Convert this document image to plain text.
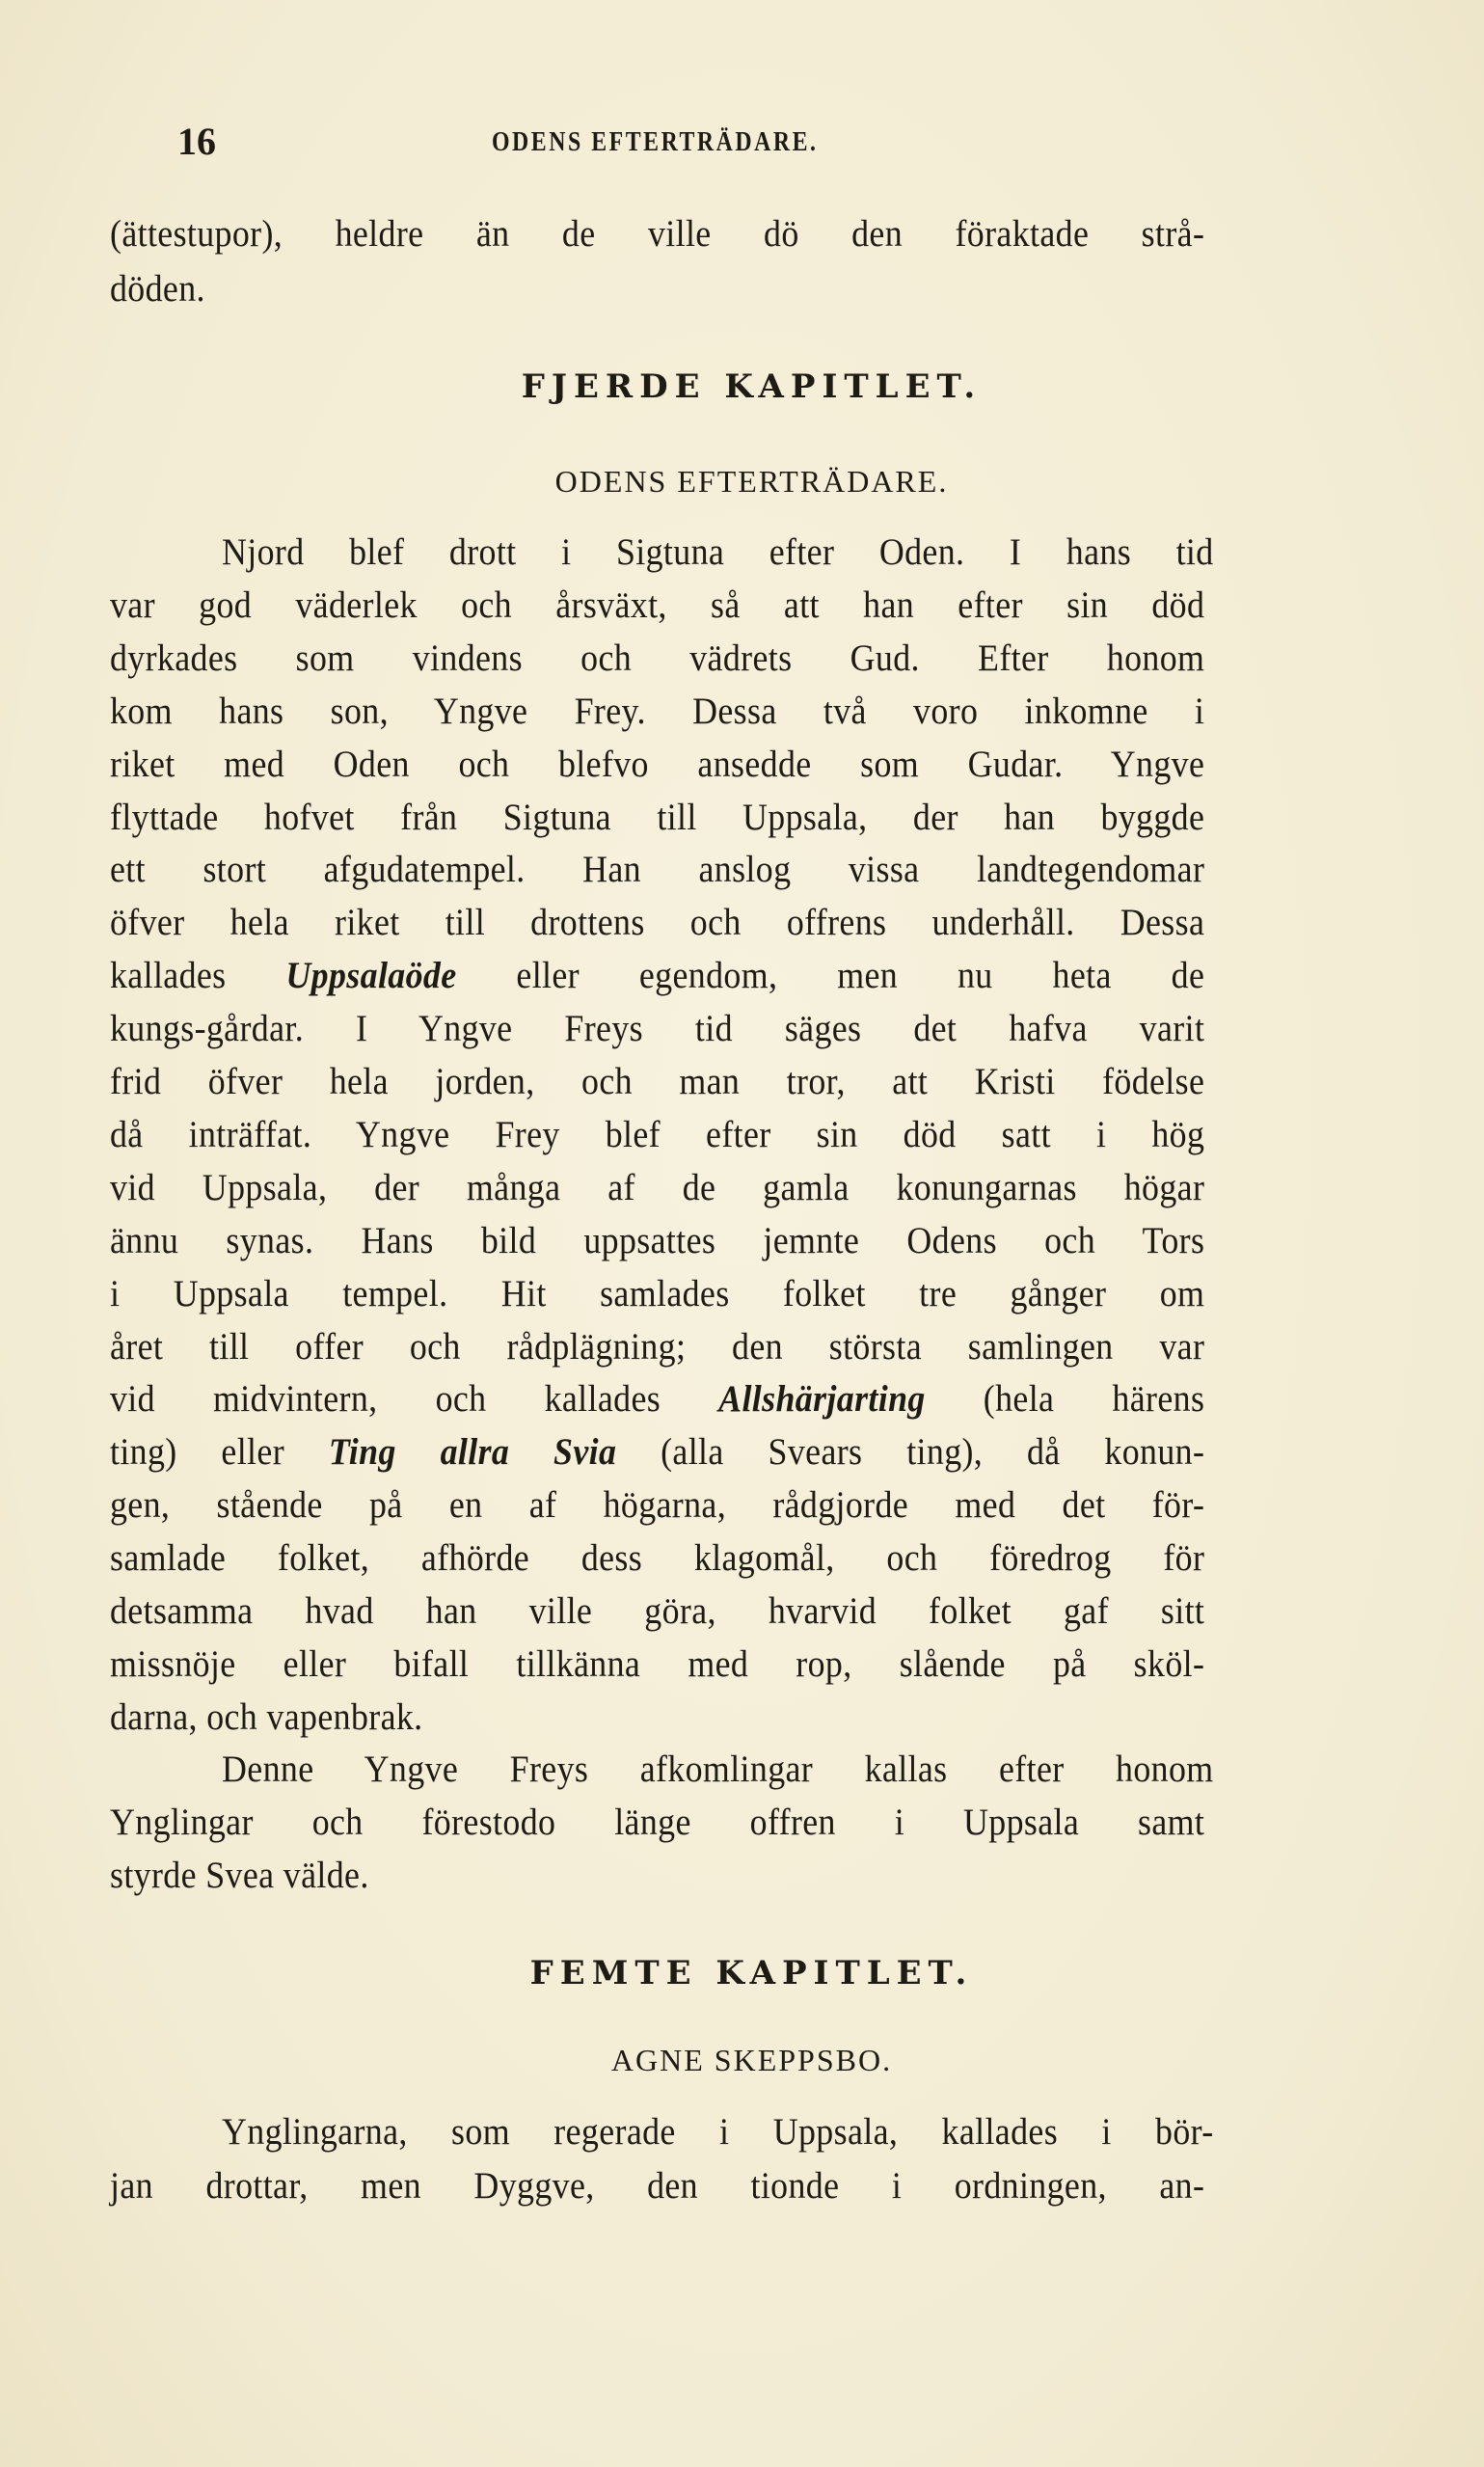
16	ODENS EFTERTRÄDARE.
(ättestupor), heldre än de ville dö den föraktade strå-
döden.
FJERDE KAPITLET.
ODENS EFTERTRÄDARE.
Njord blef drott i Sigtuna efter Oden. I hans tid
var god väderlek och årsväxt, så att han efter sin död
dyrkades som vindens och vädrets Gud. Efter honom
kom hans son, Yngve Frey. Dessa två voro inkomne i
riket med Oden och blefvo ansedde som Gudar. Yngve
flyttade hofvet från Sigtuna till Uppsala, der han byggde
ett stort afgudatempel. Han anslog vissa landtegendomar
öfver hela riket till drottens och offrens underhåll. Dessa
kallades Uppsalaöde eller egendom, men nu heta de
kungs-gårdar. I Yngve Freys tid säges det hafva varit
frid öfver hela jorden, och man tror, att Kristi födelse
då inträffat. Yngve Frey blef efter sin död satt i hög
vid Uppsala, der många af de gamla konungarnas högar
ännu synas. Hans bild uppsattes jemnte Odens och Tors
i Uppsala tempel. Hit samlades folket tre gånger om
året till offer och rådplägning; den största samlingen var
vid midvintern, och kallades Allshärjarting (hela härens
ting) eller Ting allra Svia (alla Svears ting), då konun-
gen, stående på en af högarna, rådgjorde med det för-
samlade folket, afhörde dess klagomål, och föredrog för
detsamma hvad han ville göra, hvarvid folket gaf sitt
missnöje eller bifall tillkänna med rop, slående på sköl-
darna, och vapenbrak.
Denne Yngve Freys afkomlingar kallas efter honom
Ynglingar och förestodo länge offren i Uppsala samt
styrde Svea välde.
FEMTE KAPITLET.
AGNE SKEPPSBO.
Ynglingarna, som regerade i Uppsala, kallades i bör-
jan drottar, men Dyggve, den tionde i ordningen, an-
